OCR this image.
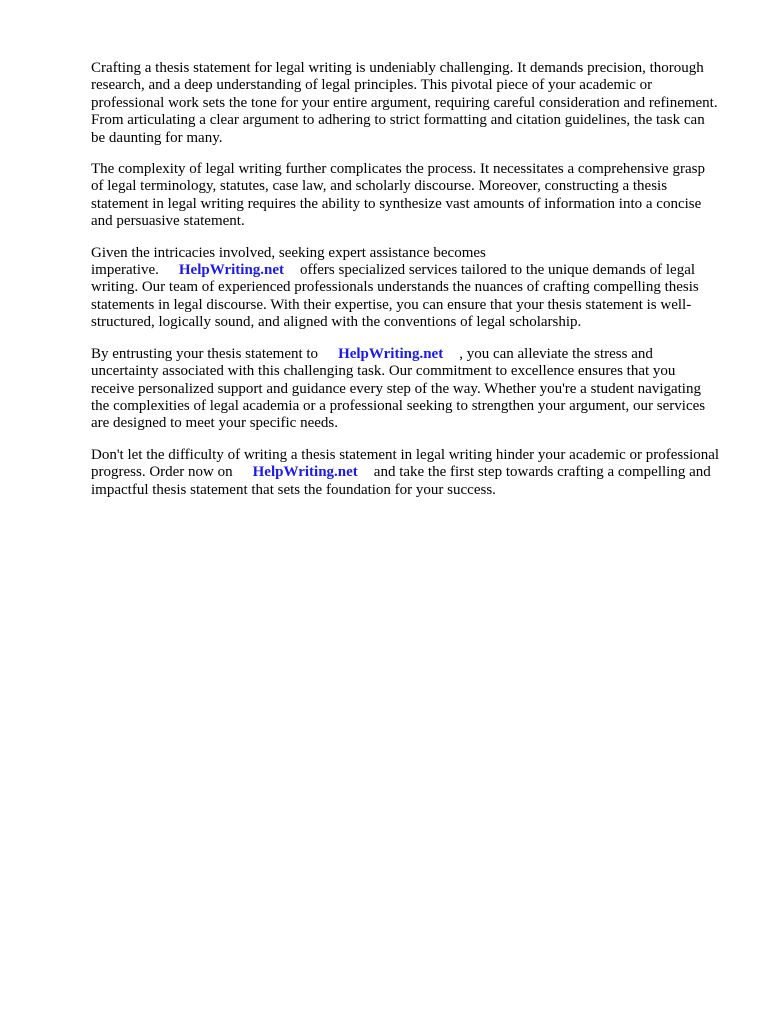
Crafting a thesis statement for legal writing is undeniably challenging. It demands precision, thorough research, and a deep understanding of legal principles. This pivotal piece of your academic or professional work sets the tone for your entire argument, requiring careful consideration and refinement. From articulating a clear argument to adhering to strict formatting and citation guidelines, the task can be daunting for many.

The complexity of legal writing further complicates the process. It necessitates a comprehensive grasp of legal terminology, statutes, case law, and scholarly discourse. Moreover, constructing a thesis statement in legal writing requires the ability to synthesize vast amounts of information into a concise and persuasive statement.

Given the intricacies involved, seeking expert assistance becomes imperative. HelpWriting.net offers specialized services tailored to the unique demands of legal writing. Our team of experienced professionals understands the nuances of crafting compelling thesis statements in legal discourse. With their expertise, you can ensure that your thesis statement is well-structured, logically sound, and aligned with the conventions of legal scholarship.

By entrusting your thesis statement to HelpWriting.net , you can alleviate the stress and uncertainty associated with this challenging task. Our commitment to excellence ensures that you receive personalized support and guidance every step of the way. Whether you're a student navigating the complexities of legal academia or a professional seeking to strengthen your argument, our services are designed to meet your specific needs.

Don't let the difficulty of writing a thesis statement in legal writing hinder your academic or professional progress. Order now on HelpWriting.net and take the first step towards crafting a compelling and impactful thesis statement that sets the foundation for your success.
